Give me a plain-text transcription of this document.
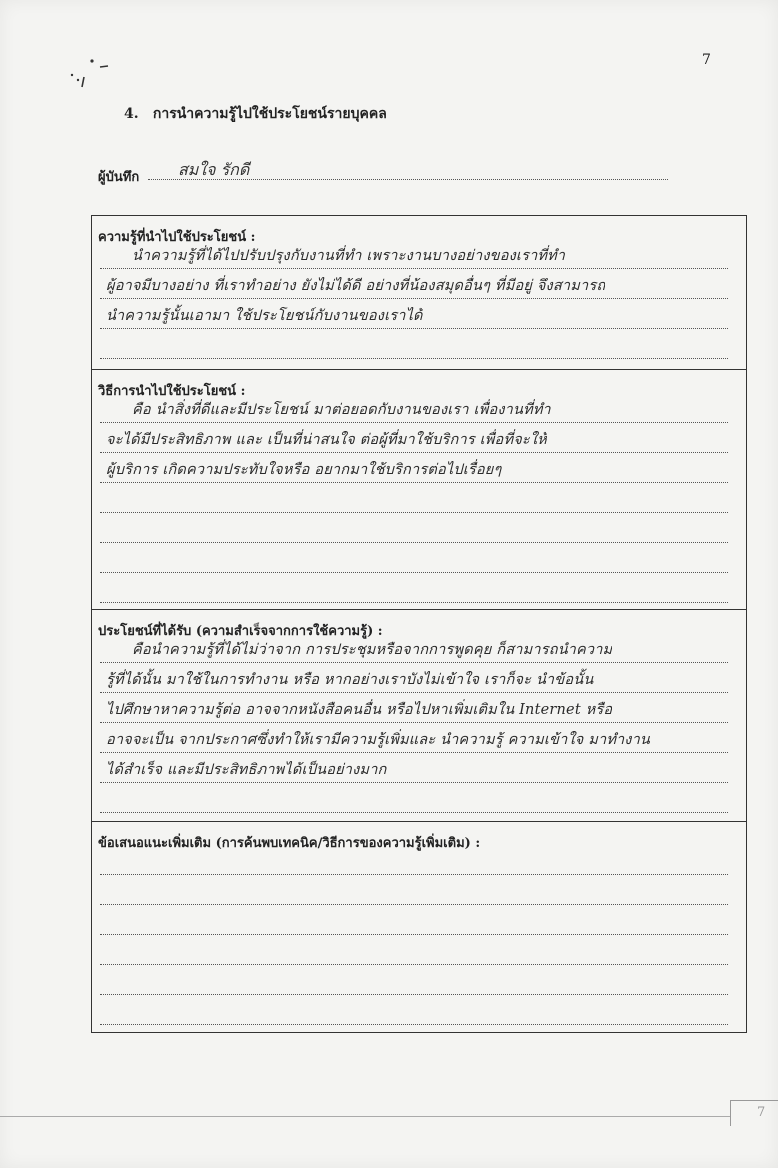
7
4. การนำความรู้ไปใช้ประโยชน์รายบุคคล
ผู้บันทึก สมใจ รักดี
ความรู้ที่นำไปใช้ประโยชน์ :
นำความรู้ที่ได้ไปปรับปรุงกับงานที่ทำ เพราะงานบางอย่างของเราที่ทำ
ผู้อาจมีบางอย่าง ที่เราทำอย่าง ยังไม่ได้ดี อย่างที่น้องสมุดอื่นๆ ที่มีอยู่ จึงสามารถ
นำความรู้นั้นเอามา ใช้ประโยชน์กับงานของเราได้
วิธีการนำไปใช้ประโยชน์ :
คือ นำสิ่งที่ดีและมีประโยชน์ มาต่อยอดกับงานของเรา เพื่องานที่ทำ
จะได้มีประสิทธิภาพ และ เป็นที่น่าสนใจ ต่อผู้ที่มาใช้บริการ เพื่อที่จะให้
ผู้บริการ เกิดความประทับใจหรือ อยากมาใช้บริการต่อไปเรื่อยๆ
ประโยชน์ที่ได้รับ (ความสำเร็จจากการใช้ความรู้) :
คือนำความรู้ที่ได้ไม่ว่าจาก การประชุมหรือจากการพูดคุย ก็สามารถนำความ
รู้ที่ได้นั้น มาใช้ในการทำงาน หรือ หากอย่างเราบังไม่เข้าใจ เราก็จะ นำข้อนั้น
ไปศึกษาหาความรู้ต่อ อาจจากหนังสือคนอื่น หรือไปหาเพิ่มเติมใน Internet หรือ
อาจจะเป็น จากประกาศซึ่งทำให้เรามีความรู้เพิ่มและ นำความรู้ ความเข้าใจ มาทำงาน
ได้สำเร็จ และมีประสิทธิภาพได้เป็นอย่างมาก
ข้อเสนอแนะเพิ่มเติม (การค้นพบเทคนิค/วิธีการของความรู้เพิ่มเติม) :
7
